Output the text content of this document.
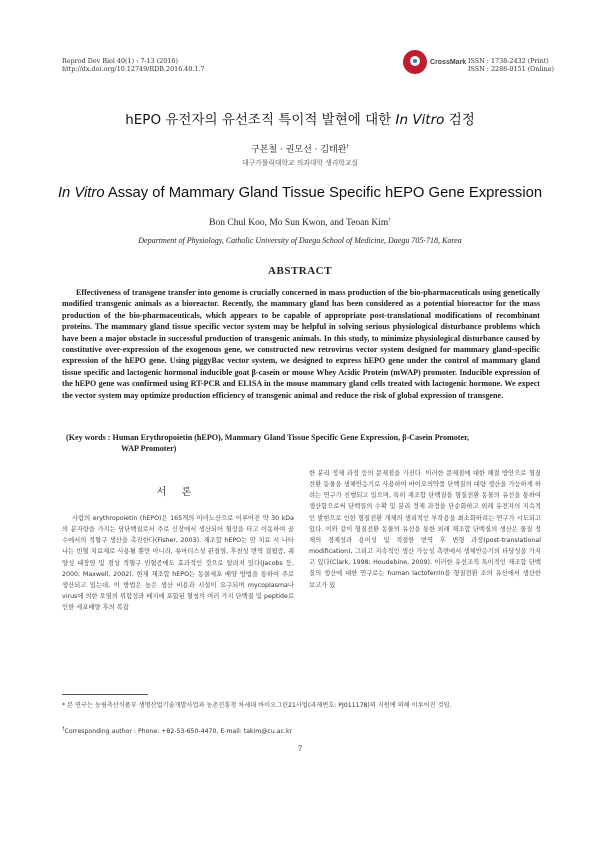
Reprod Dev Biol 40(1) : 7-13 (2016)
http://dx.doi.org/10.12749/RDB.2016.40.1.7
CrossMark ISSN : 1738-2432 (Print)
ISSN : 2288-0151 (Online)
hEPO 유전자의 유선조직 특이적 발현에 대한 In Vitro 검정
구본철 · 권모선 · 김태완†
대구가톨릭대학교 의과대학 생리학교실
In Vitro Assay of Mammary Gland Tissue Specific hEPO Gene Expression
Bon Chul Koo, Mo Sun Kwon, and Teoan Kim†
Department of Physiology, Catholic University of Daegu School of Medicine, Daegu 705-718, Korea
ABSTRACT
Effectiveness of transgene transfer into genome is crucially concerned in mass production of the bio-pharmaceuticals using genetically modified transgenic animals as a bioreactor. Recently, the mammary gland has been considered as a potential bioreactor for the mass production of the bio-pharmaceuticals, which appears to be capable of appropriate post-translational modifications of recombinant proteins. The mammary gland tissue specific vector system may be helpful in solving serious physiological disturbance problems which have been a major obstacle in successful production of transgenic animals. In this study, to minimize physiological disturbance caused by constitutive over-expression of the exogenous gene, we constructed new retrovirus vector system designed for mammary gland-specific expression of the hEPO gene. Using piggyBac vector system, we designed to express hEPO gene under the control of mammary gland tissue specific and lactogenic hormonal inducible goat β-casein or mouse Whey Acidic Protein (mWAP) promoter. Inducible expression of the hEPO gene was confirmed using RT-PCR and ELISA in the mouse mammary gland cells treated with lactogenic hormone. We expect the vector system may optimize production efficiency of transgenic animal and reduce the risk of global expression of transgene.
(Key words : Human Erythropoietin (hEPO), Mammary Gland Tissue Specific Gene Expression, β-Casein Promoter,
WAP Promoter)
서 론
사람의 erythropoietin (hEPO)은 165개의 아미노산으로 이루어진 약 30 kDa의 분자량을 가지는 당단백질로서 주로 신장에서 생산되어 혈장을 타고 이동하여 골수에서의 적혈구 생산을 촉진한다(Fisher, 2003). 재조합 hEPO는 암 치료 시 나타나는 빈혈 치료제로 사용될 뿐만 아니라, 류마티스성 관절염, 후천성 면역 결핍증, 궤양성 대장염 및 겸상 적혈구 빈혈증에도 효과적인 것으로 알려져 있다(Jacobs 등, 2000; Maxwell, 2002). 현재 재조합 hEPO는 동물세포 배양 방법을 통하여 주로 생산되고 있는데, 이 방법은 높은 생산 비용과 시설이 요구되며 mycoplasma나 virus에 의한 오염의 위험성과 배지에 포함된 혈청의 여러 가지 단백질 및 peptide로 인한 세포배양 후의 복잡
한 분리 정제 과정 등의 문제점을 가진다. 이러한 문제점에 대한 해결 방안으로 형질전환 동물을 생체반응기로 사용하여 바이오의약품 단백질의 대량 생산을 가능하게 하려는 연구가 진행되고 있으며, 특히 재조합 단백질을 형질전환 동물의 유선을 통하여 생산함으로써 단백질의 수확 및 분리 정제 과정을 단순화하고 외래 유전자의 지속적인 발현으로 인한 형질전환 개체의 생리적인 부작용을 최소화하려는 연구가 시도되고 있다. 이와 같이 형질전환 동물의 유선을 통한 외래 재조합 단백질의 생산은 물질 정제의 경제성과 용이성 및 적절한 번역 후 변형 과정(post-translational modification), 그리고 지속적인 생산 가능성 측면에서 생체반응기의 타당성을 가지고 있다(Clark, 1998; Houdebine, 2009). 이러한 유선조직 특이적인 재조합 단백질의 생산에 대한 연구로는 human lactoferrin을 형질전환 소의 유선에서 생산한 보고가 있
* 본 연구는 농림축산식품부 생명산업기술개발사업과 농촌진흥청 차세대 바이오그린21사업(과제번호: PJ011178)의 지원에 의해 이루어진 것임.
†Corresponding author : Phone: +82-53-650-4470, E-mail: takim@cu.ac.kr
7
